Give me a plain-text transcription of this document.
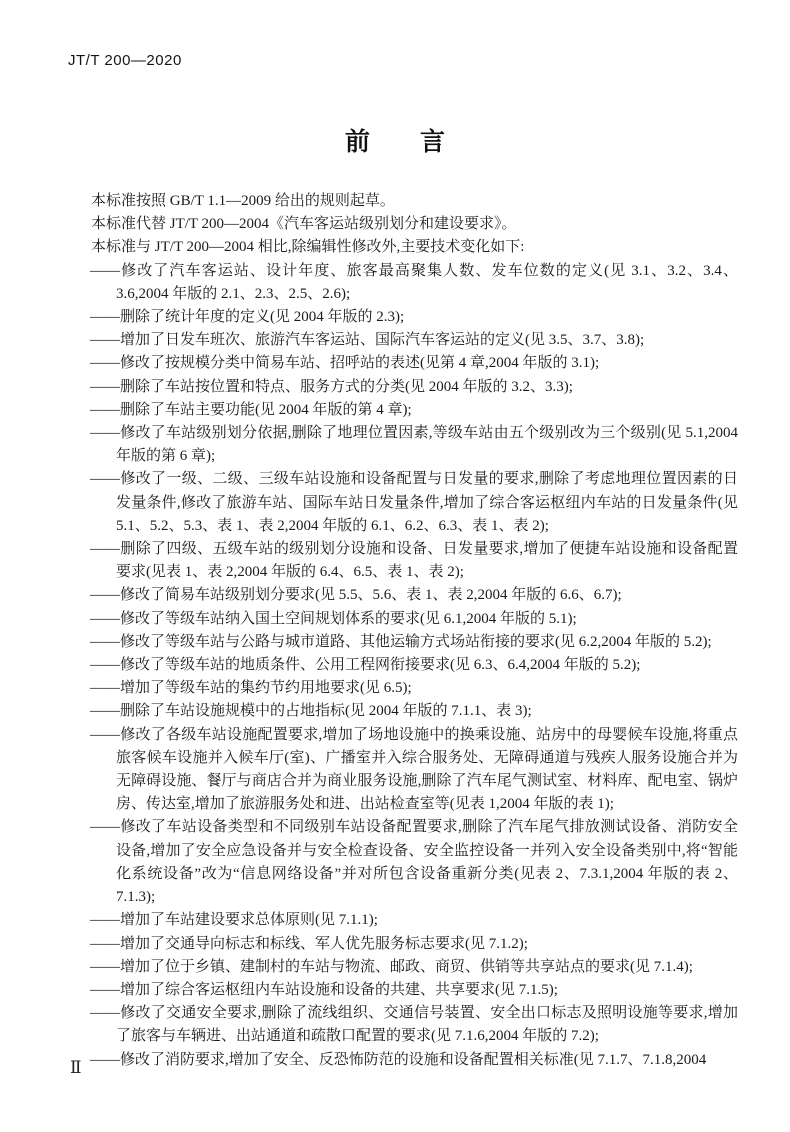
JT/T 200—2020
前　　言
本标准按照 GB/T 1.1—2009 给出的规则起草。
本标准代替 JT/T 200—2004《汽车客运站级别划分和建设要求》。
本标准与 JT/T 200—2004 相比,除编辑性修改外,主要技术变化如下:
——修改了汽车客运站、设计年度、旅客最高聚集人数、发车位数的定义(见 3.1、3.2、3.4、3.6,2004 年版的 2.1、2.3、2.5、2.6);
——删除了统计年度的定义(见 2004 年版的 2.3);
——增加了日发车班次、旅游汽车客运站、国际汽车客运站的定义(见 3.5、3.7、3.8);
——修改了按规模分类中简易车站、招呼站的表述(见第 4 章,2004 年版的 3.1);
——删除了车站按位置和特点、服务方式的分类(见 2004 年版的 3.2、3.3);
——删除了车站主要功能(见 2004 年版的第 4 章);
——修改了车站级别划分依据,删除了地理位置因素,等级车站由五个级别改为三个级别(见 5.1,2004 年版的第 6 章);
——修改了一级、二级、三级车站设施和设备配置与日发量的要求,删除了考虑地理位置因素的日发量条件,修改了旅游车站、国际车站日发量条件,增加了综合客运枢纽内车站的日发量条件(见 5.1、5.2、5.3、表 1、表 2,2004 年版的 6.1、6.2、6.3、表 1、表 2);
——删除了四级、五级车站的级别划分设施和设备、日发量要求,增加了便捷车站设施和设备配置要求(见表 1、表 2,2004 年版的 6.4、6.5、表 1、表 2);
——修改了简易车站级别划分要求(见 5.5、5.6、表 1、表 2,2004 年版的 6.6、6.7);
——修改了等级车站纳入国土空间规划体系的要求(见 6.1,2004 年版的 5.1);
——修改了等级车站与公路与城市道路、其他运输方式场站衔接的要求(见 6.2,2004 年版的 5.2);
——修改了等级车站的地质条件、公用工程网衔接要求(见 6.3、6.4,2004 年版的 5.2);
——增加了等级车站的集约节约用地要求(见 6.5);
——删除了车站设施规模中的占地指标(见 2004 年版的 7.1.1、表 3);
——修改了各级车站设施配置要求,增加了场地设施中的换乘设施、站房中的母婴候车设施,将重点旅客候车设施并入候车厅(室)、广播室并入综合服务处、无障碍通道与残疾人服务设施合并为无障碍设施、餐厅与商店合并为商业服务设施,删除了汽车尾气测试室、材料库、配电室、锅炉房、传达室,增加了旅游服务处和进、出站检查室等(见表 1,2004 年版的表 1);
——修改了车站设备类型和不同级别车站设备配置要求,删除了汽车尾气排放测试设备、消防安全设备,增加了安全应急设备并与安全检查设备、安全监控设备一并列入安全设备类别中,将“智能化系统设备”改为“信息网络设备”并对所包含设备重新分类(见表 2、7.3.1,2004 年版的表 2、7.1.3);
——增加了车站建设要求总体原则(见 7.1.1);
——增加了交通导向标志和标线、军人优先服务标志要求(见 7.1.2);
——增加了位于乡镇、建制村的车站与物流、邮政、商贸、供销等共享站点的要求(见 7.1.4);
——增加了综合客运枢纽内车站设施和设备的共建、共享要求(见 7.1.5);
——修改了交通安全要求,删除了流线组织、交通信号装置、安全出口标志及照明设施等要求,增加了旅客与车辆进、出站通道和疏散口配置的要求(见 7.1.6,2004 年版的 7.2);
——修改了消防要求,增加了安全、反恐怖防范的设施和设备配置相关标准(见 7.1.7、7.1.8,2004
Ⅱ
